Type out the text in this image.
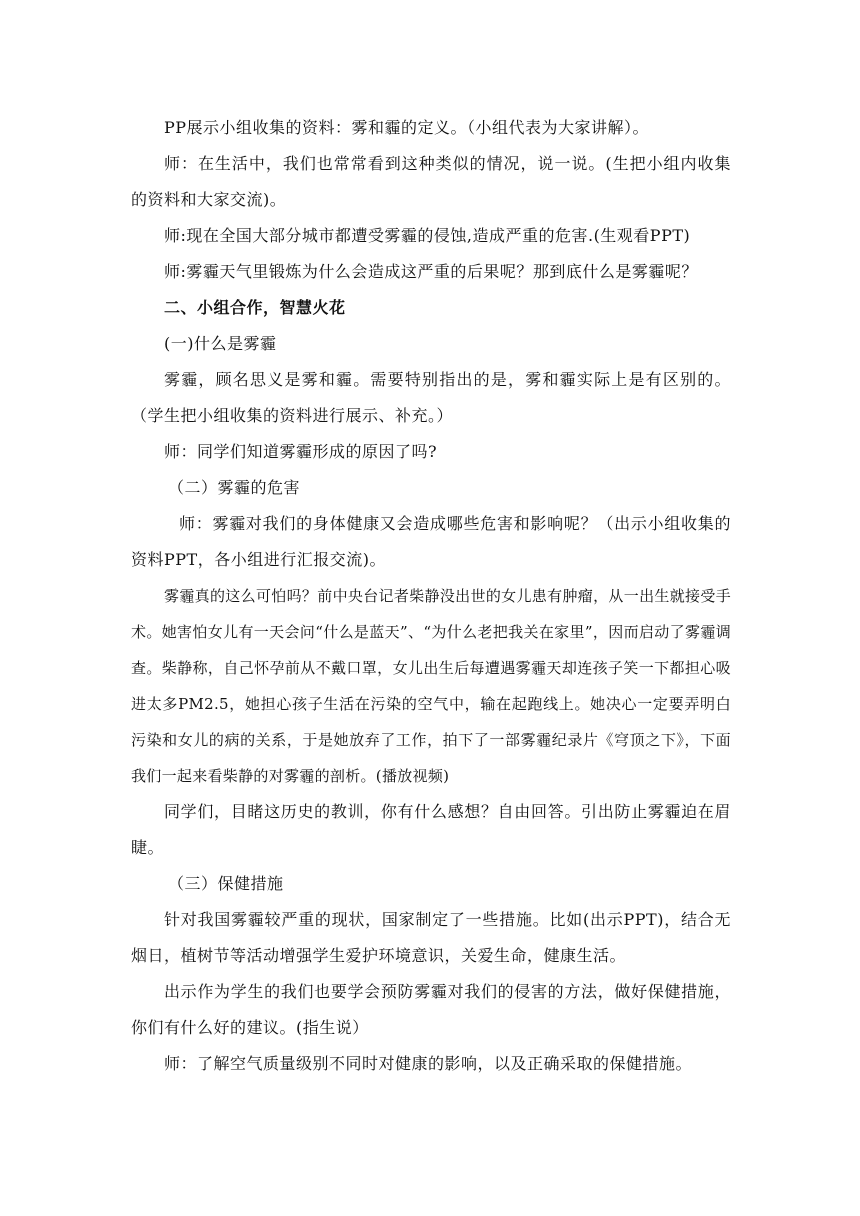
PP展示小组收集的资料：雾和霾的定义。（小组代表为大家讲解）。

师：在生活中，我们也常常看到这种类似的情况，说一说。(生把小组内收集的资料和大家交流)。

师:现在全国大部分城市都遭受雾霾的侵蚀,造成严重的危害.(生观看PPT)

师:雾霾天气里锻炼为什么会造成这严重的后果呢？那到底什么是雾霾呢？

二、小组合作，智慧火花

(一)什么是雾霾

雾霾，顾名思义是雾和霾。需要特别指出的是，雾和霾实际上是有区别的。（学生把小组收集的资料进行展示、补充。）

师：同学们知道雾霾形成的原因了吗?

（二）雾霾的危害

师：雾霾对我们的身体健康又会造成哪些危害和影响呢？（出示小组收集的资料PPT，各小组进行汇报交流)。

雾霾真的这么可怕吗？前中央台记者柴静没出世的女儿患有肿瘤，从一出生就接受手术。她害怕女儿有一天会问“什么是蓝天”、“为什么老把我关在家里”，因而启动了雾霾调查。柴静称，自己怀孕前从不戴口罩，女儿出生后每遭遇雾霾天却连孩子笑一下都担心吸进太多PM2.5，她担心孩子生活在污染的空气中，输在起跑线上。她决心一定要弄明白污染和女儿的病的关系，于是她放弃了工作，拍下了一部雾霾纪录片《穹顶之下》，下面我们一起来看柴静的对雾霾的剖析。(播放视频)

同学们，目睹这历史的教训，你有什么感想？自由回答。引出防止雾霾迫在眉睫。

（三）保健措施

针对我国雾霾较严重的现状，国家制定了一些措施。比如(出示PPT)，结合无烟日，植树节等活动增强学生爱护环境意识，关爱生命，健康生活。

出示作为学生的我们也要学会预防雾霾对我们的侵害的方法，做好保健措施，你们有什么好的建议。(指生说）

师：了解空气质量级别不同时对健康的影响，以及正确采取的保健措施。
